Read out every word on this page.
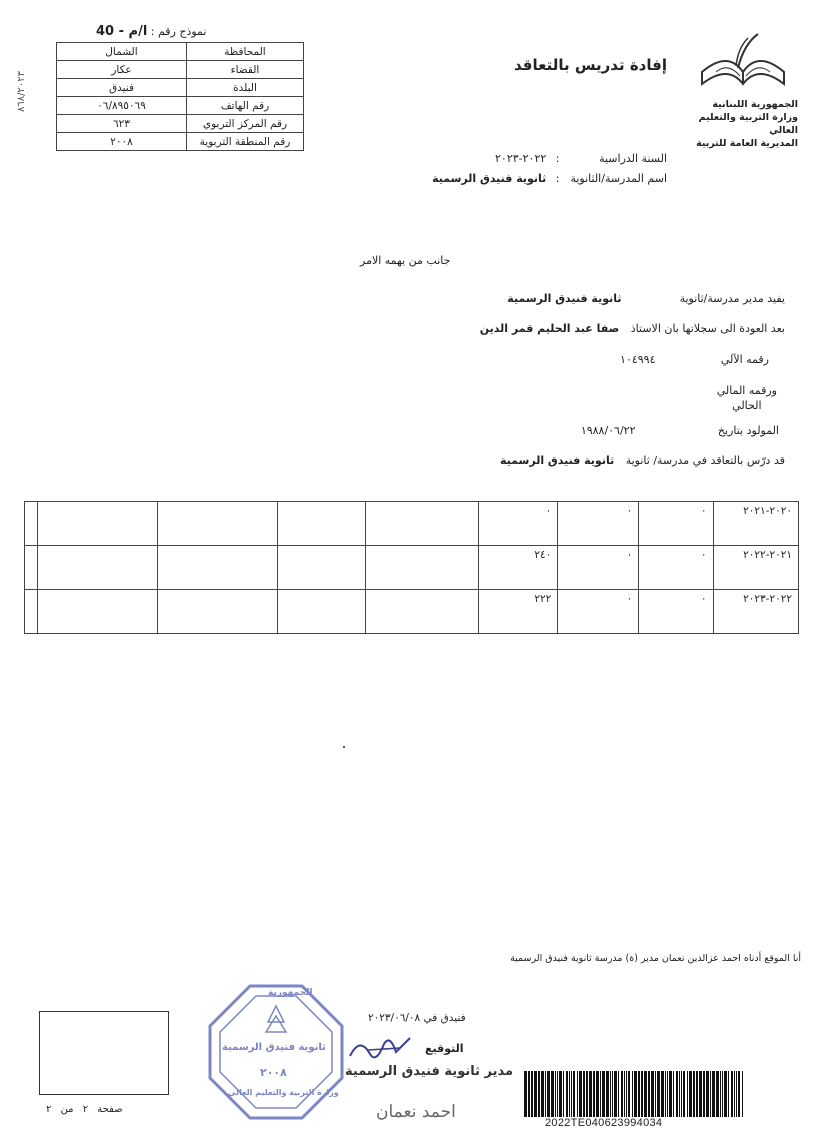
نموذج رقم : ا/م - 40
المحافظة	الشمال
القضاء	عكار
البلدة	فنيدق
رقم الهاتف	٠٦/٨٩٥٠٦٩
رقم المركز التربوي	٦٢٣
رقم المنطقة التربوية	٢٠٠٨
٨٦٨/٢٠٢٣
إفادة تدريس بالتعاقد
الجمهورية اللبنانية
وزارة التربية والتعليم العالي
المديرية العامة للتربية
السنة الدراسية : ٢٠٢٢-٢٠٢٣
اسم المدرسة/الثانوية : ثانوية فنيدق الرسمية
جانب من يهمه الامر
يفيد مدير مدرسة/ثانوية ثانوية فنيدق الرسمية
بعد العودة الى سجلاتها بان الاستاذ صفا عبد الحليم قمر الدين
رقمه الآلي ١٠٤٩٩٤
ورقمه المالي
الحالي
المولود بتاريخ ١٩٨٨/٠٦/٢٢
قد درّس بالتعاقد في مدرسة/ ثانوية ثانوية فنيدق الرسمية
٢٠٢٠-٢٠٢١	٠	٠	٠					
٢٠٢١-٢٠٢٢	٠	٠	٢٤٠					
٢٠٢٢-٢٠٢٣	٠	٠	٢٢٢					
أنا الموقع أدناه احمد عزالدين نعمان مدير (ة) مدرسة ثانوية فنيدق الرسمية
فنيدق في ٢٠٢٣/٠٦/٠٨
التوقيع
مدير ثانوية فنيدق الرسمية
الجمهورية
ثانوية فنيدق الرسمية
٢٠٠٨
وزارة التربية والتعليم العالي
احمد نعمان
صفحة ٢ من ٢
2022TE040623994034
